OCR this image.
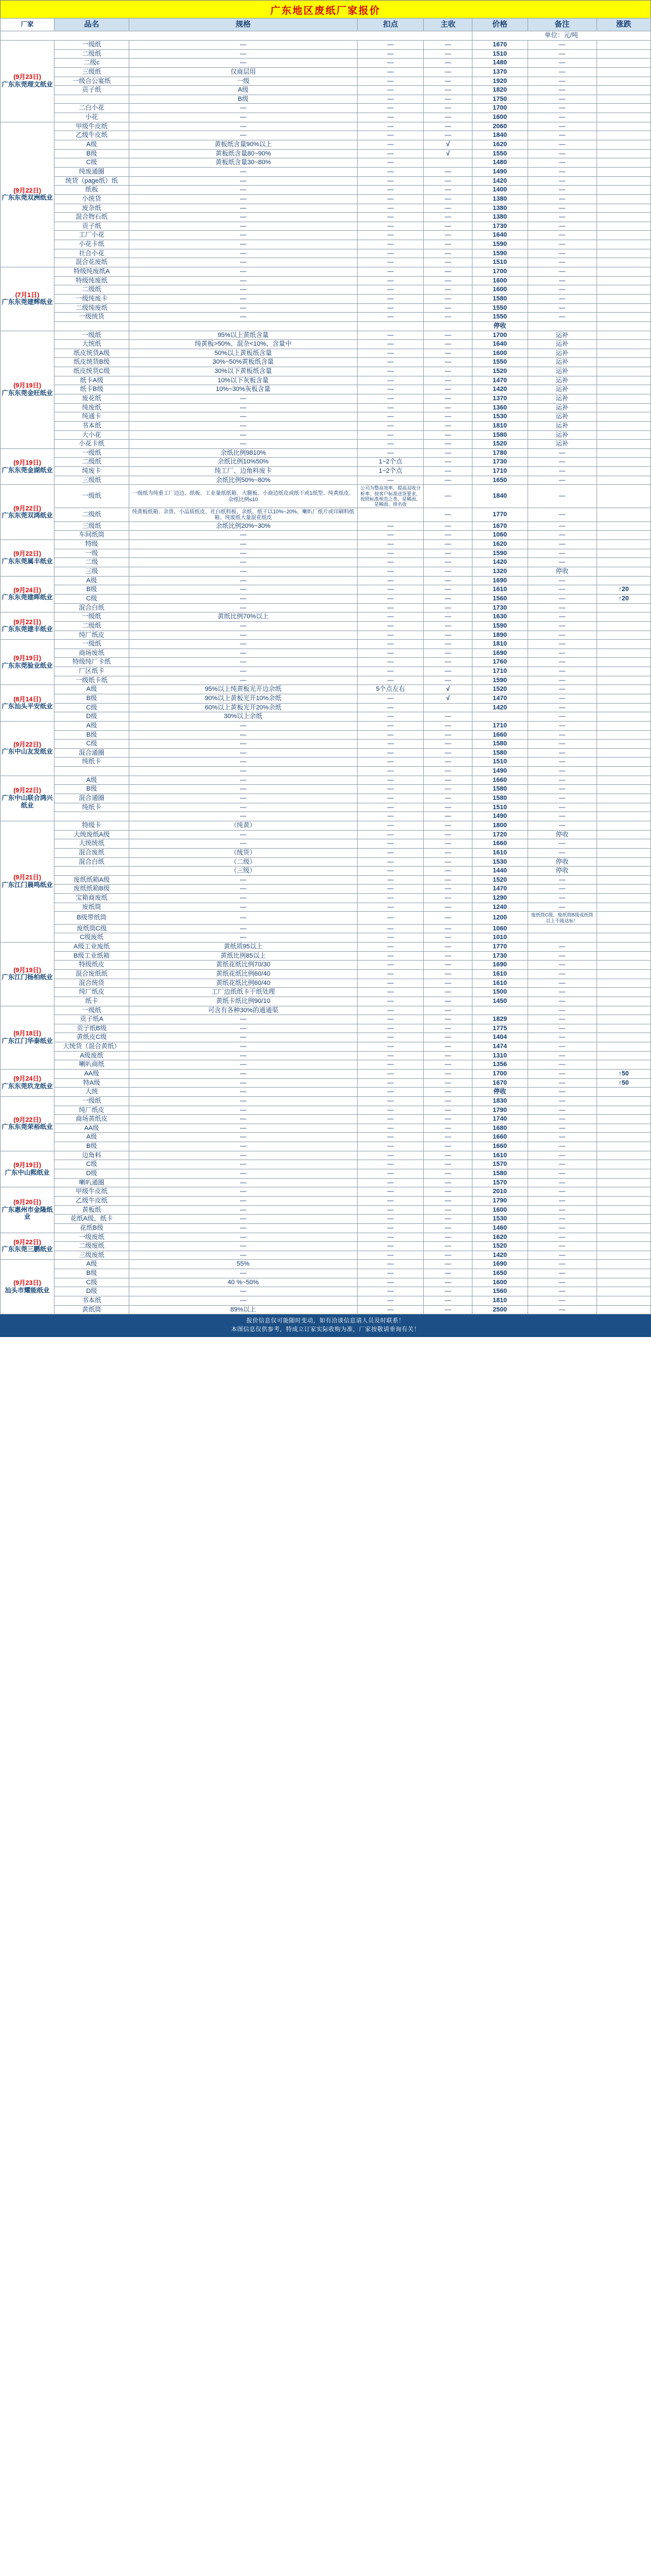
广东地区废纸厂家报价
厂家	品名	规格	扣点	主收	价格	备注	涨跌
					单位：元/吨		

(9月23日)
广东东莞理文纸业	一级纸	—	—	—	1670	—	
	二级纸	—	—	—	1510	—	
	二级c	—	—	—	1480	—	
	三级纸	仅商层用	—	—	1370	—	
	一级合公宴纸	一级	—	—	1920	—	
	贡子纸	A级	—	—	1820	—	
		B级	—	—	1750	—	
	二白小花	—	—	—	1700	—	
	小花	—	—	—	1600	—	

(9月22日)
广东东莞双洲纸业	甲级牛皮纸	—	—	—	2060	—	
	乙级牛皮纸	—	—	—	1840	—	
	A级	黄板纸含量90%以上	—	√	1620	—	
	B级	黄板纸含量80~90%	—	√	1550	—	
	C级	黄板纸含量30~80%	—		1480	—	
	纯废通圈	—	—	—	1490	—	
	统货（page纸）纸	—	—	—	1420	—	
	纸板	—	—	—	1400	—	
	小统货	—	—	—	1380	—	
	废杂纸	—	—	—	1380	—	
	混合物石纸	—	—	—	1380	—	
	贡子纸	—	—	—	1730	—	
	工厂小花	—	—	—	1640	—	
	小花卡纸	—	—	—	1590	—	
	社合小花	—	—	—	1590	—	
	混合花废纸	—	—	—	1510	—	

(7月1日)
广东东莞建辉纸业	特级纯废纸A	—	—	—	1700	—	
	特级纯废纸	—	—	—	1600	—	
	二级纸	—	—	—	1600	—	
	一级纯废卡	—	—	—	1580	—	
	二级纯废纸	—	—	—	1550	—	
	一级统货	—	—	—	1550	—	
					停收		

(9月19日)
广东东莞金旺纸业	一级纸	95%以上黄纸含量	—	—	1700	运补	
	大统纸	纯黄板>50%、混杂<10%、含量中	—	—	1640	运补	
	纸皮统货A级	50%以上黄板纸含量	—	—	1600	运补	
	纸皮统货B级	30%~50%黄板纸含量	—	—	1550	运补	
	纸皮统货C级	30%以下黄板纸含量	—	—	1520	运补	
	纸卡A级	10%以下灰板含量	—	—	1470	运补	
	纸卡B级	10%~30%灰板含量	—	—	1420	运补	
	废花纸	—	—	—	1370	运补	
	纯废纸	—	—	—	1360	运补	
	纯通卡	—	—	—	1530	运补	
	书本纸	—	—	—	1810	运补	
	大小花	—	—	—	1580	运补	
	小花卡纸	—	—	—	1520	运补	

(9月19日)
广东东莞金湖纸业	一级纸	余纸比例9810%	—	—	1780	—	
	二级纸	余纸比例10%50%	1~2个点	—	1730	—	
	纯废卡	纯工厂、边角料废卡	1~2个点	—	1710	—	
	三级纸	余纸比例50%~80%	—	—	1650	—	

(9月22日)
广东东莞双鸿纸业	一级纸	一级纸为纯重工厂边边、纸板、工业量纸纸箱、大腿板、小商边纸皮或纸干或1纸型、纯黄纸皮、杂纸比例≤10	公司为整高效率、提高双收分析率、按客户标准送货要求，按照标准规范之类、是稀面、是稀面、排名收	—	1840	—	
	二级纸	纯黄板纸箱、余货、小品质纸皮、社白纸料板、余纸、纸干以10%~20%、喇叭厂纸片或印刷料纸箱、纯废纸大量混花纸皮		—	1770	—	
	三级纸	余纸比例20%~30%	—	—	1670	—	
	车间纸筒	—	—	—	1060	—	

(9月22日)
广东东莞属丰纸业	特级	—	—	—	1620	—	
	一级	—	—	—	1590	—	
	二级	—	—	—	1420	—	
	三级	—	—	—	1320	停收	

(9月24日)
广东东莞建晖纸业	A级	—	—	—	1690	—	
	B级	—	—	—	1610	—	↑20
	C级	—	—	—	1560	—	↑20
	混合白纸	—	—	—	1730	—	

(9月22日)
广东东莞建丰纸业	一级纸	黄纸比例70%以上	—	—	1630	—	
	二级纸	—	—	—	1590	—	
	纯厂纸皮	—	—	—	1890	—	

(9月19日)
广东东莞验业纸业	一级纸	—	—	—	1810	—	
	商场废纸	—	—	—	1690	—	
	特级纯厂卡纸	—	—	—	1760	—	
	厂区纸卡	—	—	—	1710	—	
	一级纸卡纸	—	—	—	1590	—	

(8月14日)
广东汕头平安纸业	A级	95%以上纯黄板光开边余纸	5个点左右	√	1520	—	
	B级	90%以上黄板光开10%余纸	—	√	1470	—	
	C级	60%以上黄板光开20%余纸	—		1420	—	
	D级	30%以上余纸	—	—		—	

(9月22日)
广东中山友发纸业	A级	—	—	—	1710	—	
	B级	—	—	—	1660	—	
	C级	—	—	—	1580	—	
	混合通圈	—	—	—	1580	—	
	纯纸卡	—	—	—	1510	—	
		—	—	—	1490	—	

(9月22日)
广东中山联合鸿兴纸业	A级	—	—	—	1660	—	
	B级	—	—	—	1580	—	
	混合通圈	—	—	—	1580	—	
	纯纸卡	—	—	—	1510	—	
		—	—	—	1490	—	

(9月21日)
广东江门晨鸣纸业	特级卡	（纯黄）	—	—	1800	—	
	大统废纸A级	—	—	—	1720	停收	
	大统统纸	—	—	—	1660	—	
	混合废纸	（统货）	—	—	1610	—	
	混合白纸	（二级）	—	—	1530	停收	
		（三级）	—	—	1440	停收	
	废纸纸箱A级	—	—	—	1520	—	
	废纸纸箱B级	—	—	—	1470	—	
	宝箱商废纸	—	—	—	1290	—	
	废纸筒	—	—	—	1240	—	
	B级带纸筒	—	—	—	1200	废纸筒C级、废纸筒B级或纸筒以上不能达标！	
	废纸筒C级	—	—	—	1060		
	C级废纸	—	—	—	1010		

(9月19日)
广东江门杨柏纸业	A级工业废纸	黄纸质95以上	—	—	1770	—	
	B级工业纸箱	黄纸比例85以上	—	—	1730	—	
	特级纸皮	黄纸花纸比例70/30	—	—	1690	—	
	混合废纸纸	黄纸花纸比例60/40	—	—	1610	—	
	混合统货	黄纸花纸比例60/40	—	—	1610	—	
	纯厂纸皮	工厂边纸纸卡干纸处理	—	—	1500	—	
	纸卡	黄纸卡纸比例90/10	—	—	1450	—	

(9月18日)
广东江门华泰纸业	一级纸	可含有各种30%的通通渠	—	—		—	
	贡子纸A	—	—	—	1829	—	
	贡子纸B级	—	—	—	1775	—	
	黄纸皮C级	—	—	—	1404	—	
	大统货（混合黄纸）	—	—	—	1474	—	
	A级废纸	—	—	—	1310	—	
	喇叭商纸	—	—	—	1356	—	

(9月24日)
广东东莞玖龙纸业	AA级	—	—	—	1700	—	↑50
	特A级	—	—	—	1670	—	↑50
	大统	—	—	—	停收	—	

(9月22日)
广东东莞荣裕纸业	一级纸	—	—	—	1830	—	
	纯厂纸皮	—	—	—	1790	—	
	商场黄纸皮	—	—	—	1740	—	
	AA级	—	—	—	1680	—	
	A级	—	—	—	1660	—	
	B级	—	—	—	1660	—	

(9月19日)
广东中山熙纸业	边角料	—	—	—	1610	—	
	C级	—	—	—	1570	—	
	D级	—	—	—	1580	—	
	喇叭通圈	—	—	—	1570	—	

(9月20日)
广东惠州市金隆纸业	甲级牛皮纸	—	—	—	2010	—	
	乙级牛皮纸	—	—	—	1790	—	
	黄板纸	—	—	—	1600	—	
	花纸A级、纸卡	—	—	—	1530	—	
	花纸B级	—	—	—	1460	—	

(9月22日)
广东东莞三鹏纸业	一级废纸	—	—	—	1620	—	
	二级废纸	—	—	—	1520	—	
	三级废纸	—	—	—	1420	—	

(9月23日)
汕头市耀能纸业	A级	55%	—	—	1690	—	
	B级	—	—	—	1650	—	
	C级	40 %~50%	—	—	1600	—	
	D级	—	—	—	1560	—	
	书本纸	—	—	—	1810	—	
	黄纸筒	89%以上	—	—	2500	—	
报价信息仅可能随时变动，如有洽谈信息请人员及时联系！
本图信息仅供参考，特成立订家实际收购为准，厂家按敬请垂询有关！
